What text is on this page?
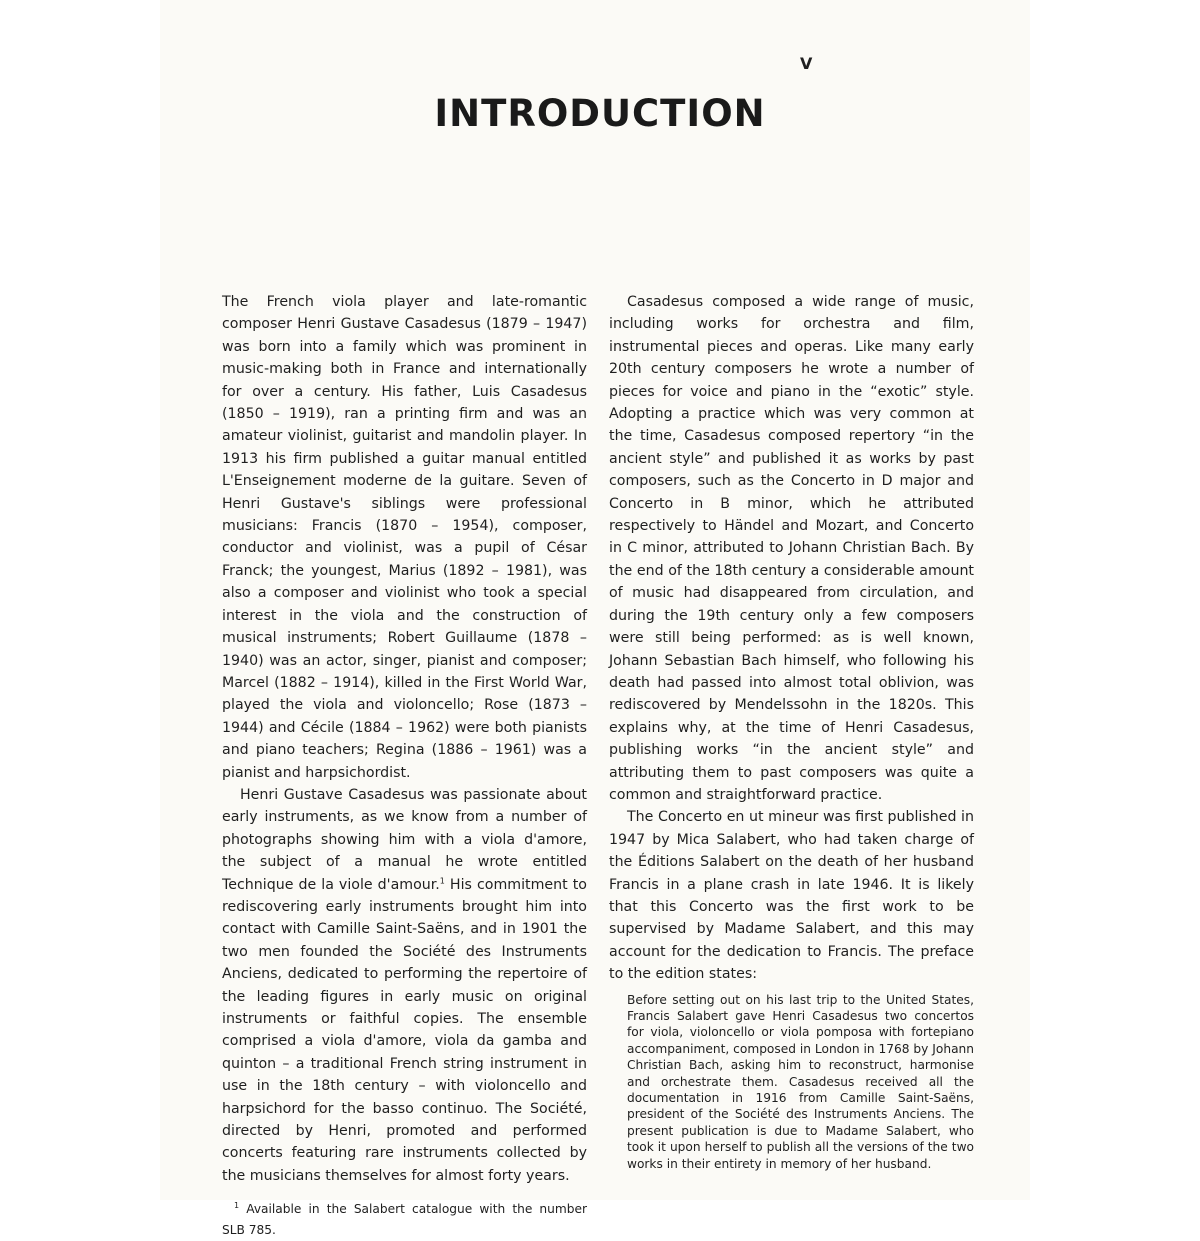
V
INTRODUCTION

The French viola player and late-romantic composer Henri Gustave Casadesus (1879 – 1947) was born into a family which was prominent in music-making both in France and internationally for over a century. His father, Luis Casadesus (1850 – 1919), ran a printing firm and was an amateur violinist, guitarist and mandolin player. In 1913 his firm published a guitar manual entitled L'Enseignement moderne de la guitare. Seven of Henri Gustave's siblings were professional musicians: Francis (1870 – 1954), composer, conductor and violinist, was a pupil of César Franck; the youngest, Marius (1892 – 1981), was also a composer and violinist who took a special interest in the viola and the construction of musical instruments; Robert Guillaume (1878 – 1940) was an actor, singer, pianist and composer; Marcel (1882 – 1914), killed in the First World War, played the viola and violoncello; Rose (1873 – 1944) and Cécile (1884 – 1962) were both pianists and piano teachers; Regina (1886 – 1961) was a pianist and harpsichordist.

Henri Gustave Casadesus was passionate about early instruments, as we know from a number of photographs showing him with a viola d'amore, the subject of a manual he wrote entitled Technique de la viole d'amour.$^1$ His commitment to rediscovering early instruments brought him into contact with Camille Saint-Saëns, and in 1901 the two men founded the Société des Instruments Anciens, dedicated to performing the repertoire of the leading figures in early music on original instruments or faithful copies. The ensemble comprised a viola d'amore, viola da gamba and quinton – a traditional French string instrument in use in the 18th century – with violoncello and harpsichord for the basso continuo. The Société, directed by Henri, promoted and performed concerts featuring rare instruments collected by the musicians themselves for almost forty years.

$^1$ Available in the Salabert catalogue with the number SLB 785.

Casadesus composed a wide range of music, including works for orchestra and film, instrumental pieces and operas. Like many early 20th century composers he wrote a number of pieces for voice and piano in the “exotic” style. Adopting a practice which was very common at the time, Casadesus composed repertory “in the ancient style” and published it as works by past composers, such as the Concerto in D major and Concerto in B minor, which he attributed respectively to Händel and Mozart, and Concerto in C minor, attributed to Johann Christian Bach. By the end of the 18th century a considerable amount of music had disappeared from circulation, and during the 19th century only a few composers were still being performed: as is well known, Johann Sebastian Bach himself, who following his death had passed into almost total oblivion, was rediscovered by Mendelssohn in the 1820s. This explains why, at the time of Henri Casadesus, publishing works “in the ancient style” and attributing them to past composers was quite a common and straightforward practice.

The Concerto en ut mineur was first published in 1947 by Mica Salabert, who had taken charge of the Éditions Salabert on the death of her husband Francis in a plane crash in late 1946. It is likely that this Concerto was the first work to be supervised by Madame Salabert, and this may account for the dedication to Francis. The preface to the edition states:

Before setting out on his last trip to the United States, Francis Salabert gave Henri Casadesus two concertos for viola, violoncello or viola pomposa with fortepiano accompaniment, composed in London in 1768 by Johann Christian Bach, asking him to reconstruct, harmonise and orchestrate them. Casadesus received all the documentation in 1916 from Camille Saint-Saëns, president of the Société des Instruments Anciens. The present publication is due to Madame Salabert, who took it upon herself to publish all the versions of the two works in their entirety in memory of her husband.
